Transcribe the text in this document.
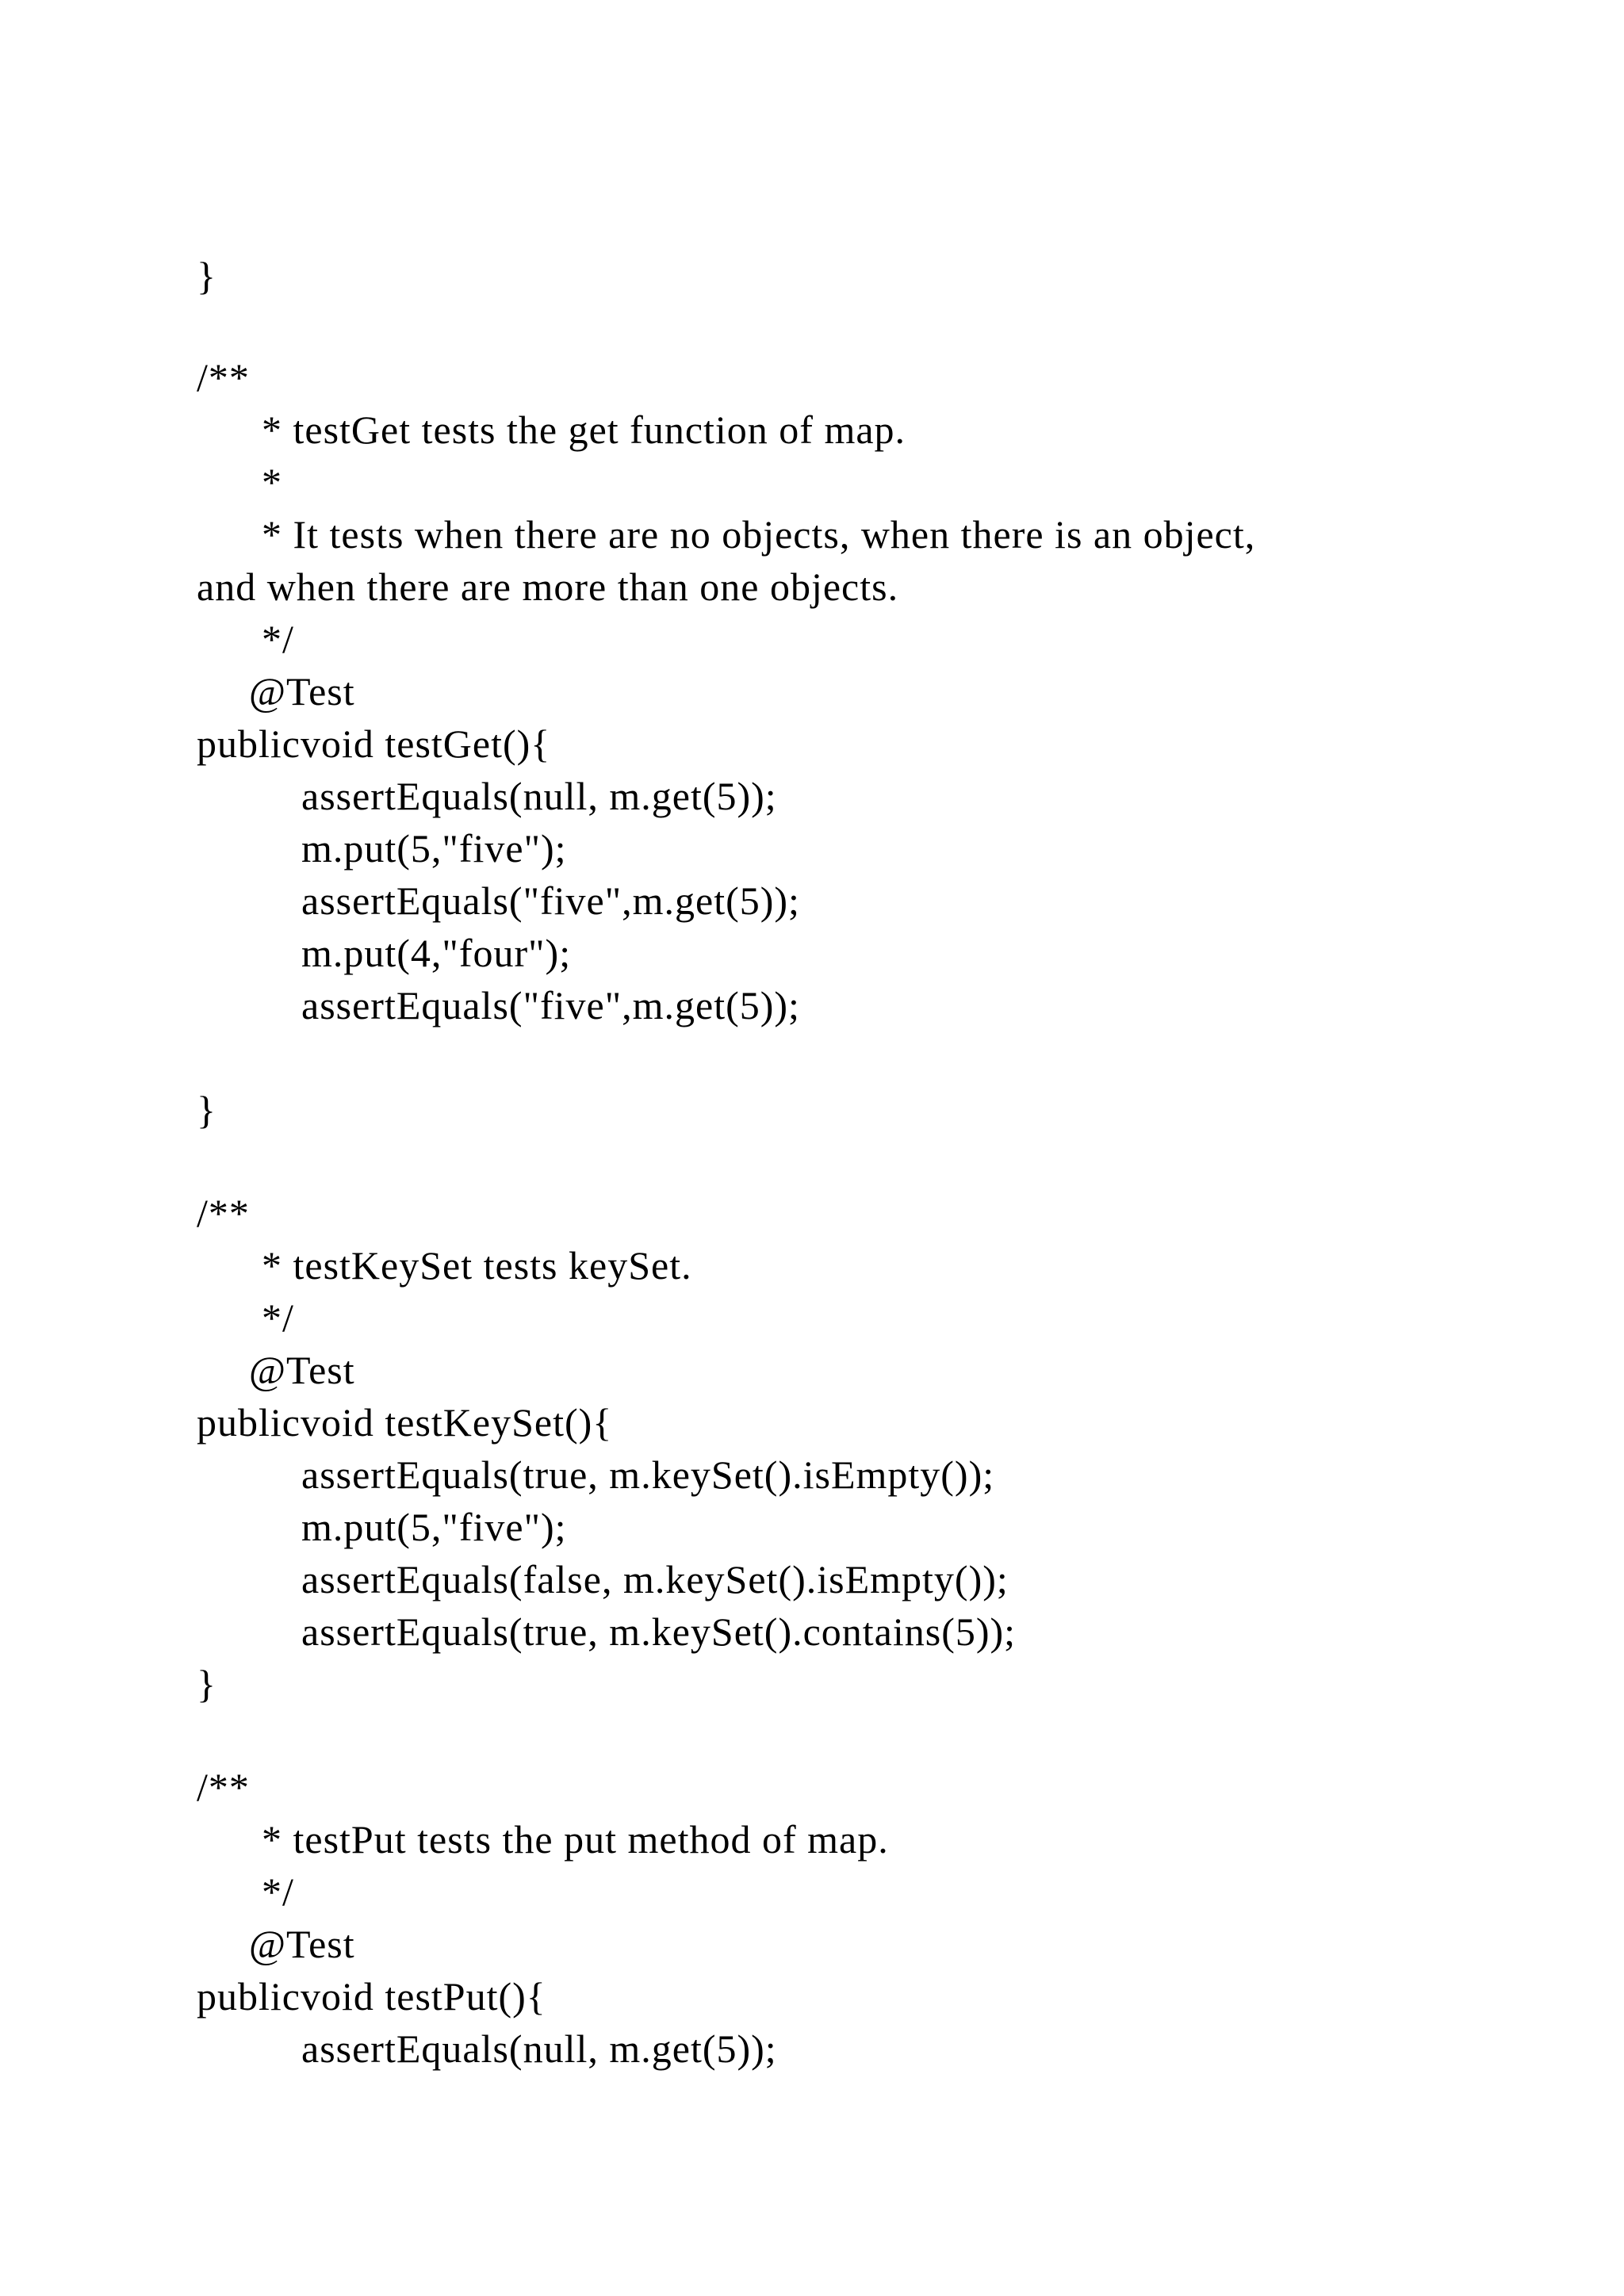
}
/**
* testGet tests the get function of map.
*
* It tests when there are no objects, when there is an object,
and when there are more than one objects.
*/
@Test
publicvoid testGet(){
assertEquals(null, m.get(5));
m.put(5,"five");
assertEquals("five",m.get(5));
m.put(4,"four");
assertEquals("five",m.get(5));
}
/**
* testKeySet tests keySet.
*/
@Test
publicvoid testKeySet(){
assertEquals(true, m.keySet().isEmpty());
m.put(5,"five");
assertEquals(false, m.keySet().isEmpty());
assertEquals(true, m.keySet().contains(5));
}
/**
* testPut tests the put method of map.
*/
@Test
publicvoid testPut(){
assertEquals(null, m.get(5));
